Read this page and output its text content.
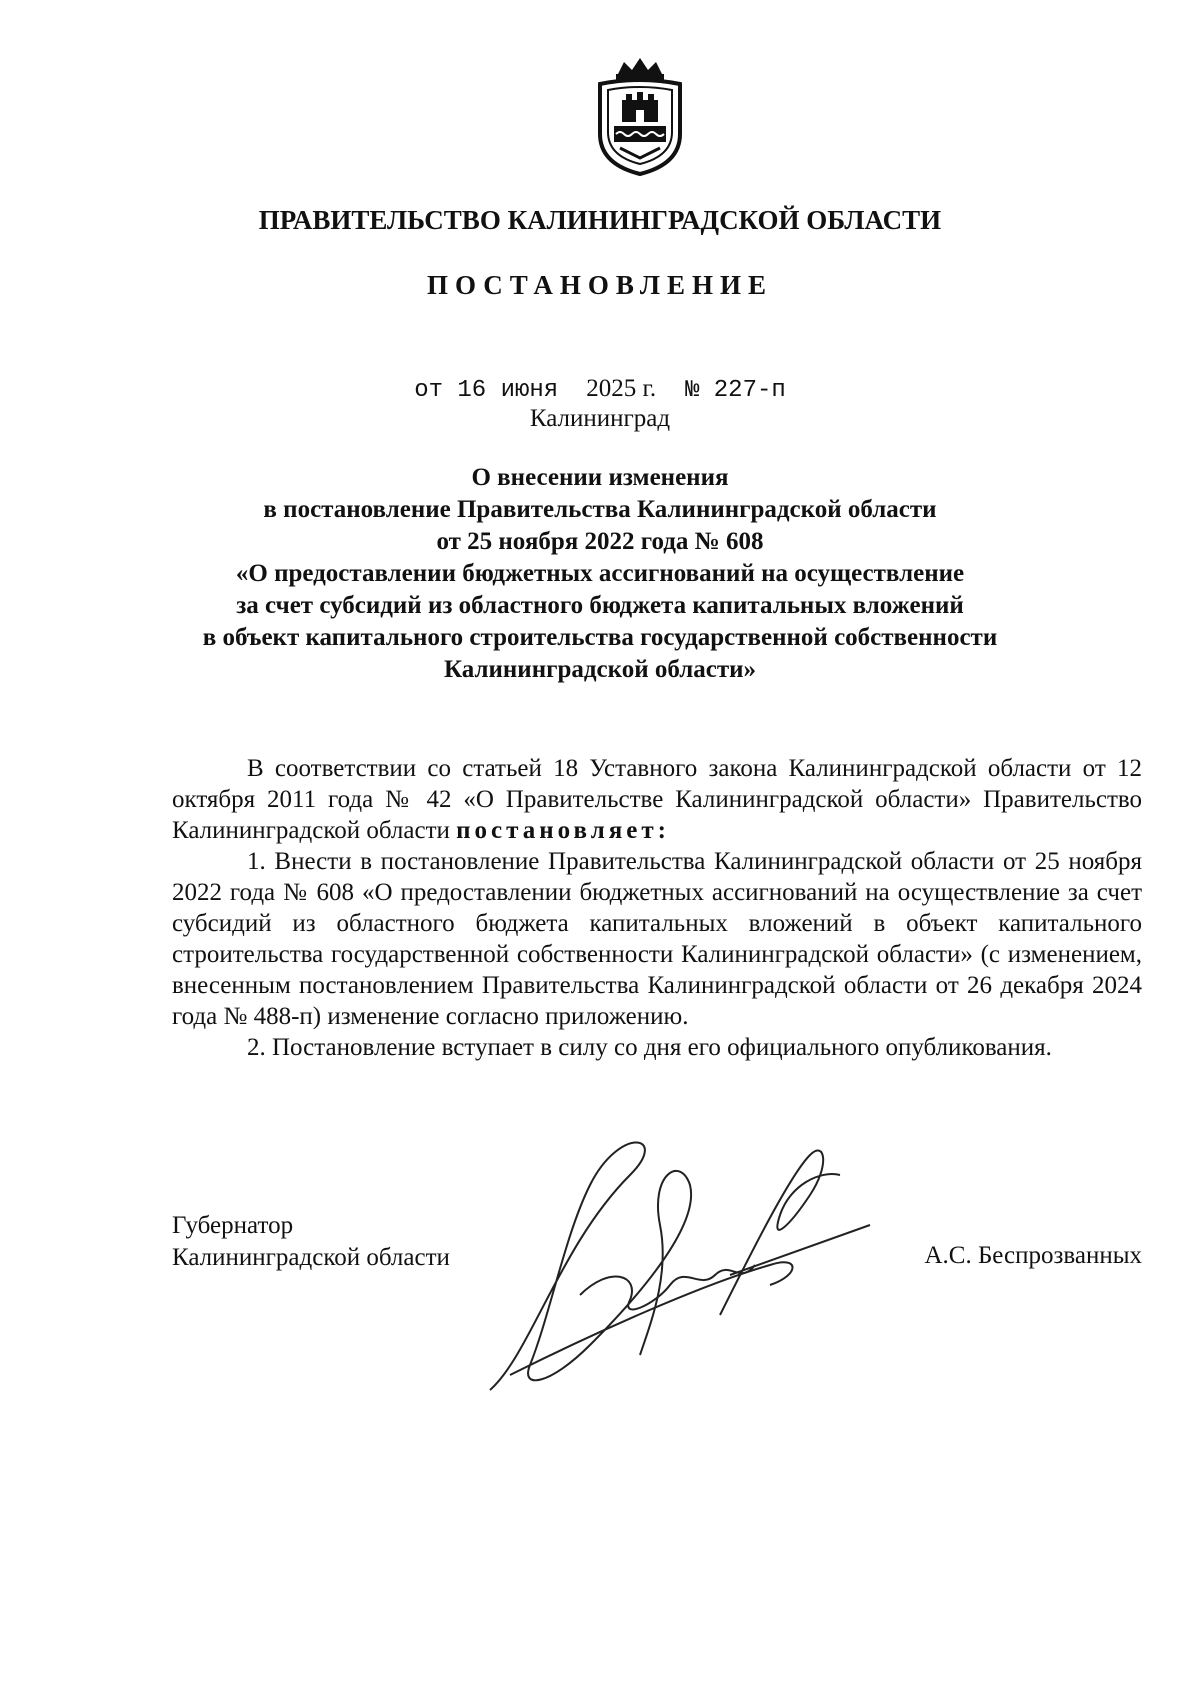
ПРАВИТЕЛЬСТВО КАЛИНИНГРАДСКОЙ ОБЛАСТИ
ПОСТАНОВЛЕНИЕ
от 16 июня 2025 г. № 227-п
Калининград
О внесении изменения
в постановление Правительства Калининградской области
от 25 ноября 2022 года № 608
«О предоставлении бюджетных ассигнований на осуществление
за счет субсидий из областного бюджета капитальных вложений
в объект капитального строительства государственной собственности
Калининградской области»

В соответствии со статьей 18 Уставного закона Калининградской области от 12 октября 2011 года № 42 «О Правительстве Калининградской области» Правительство Калининградской области постановляет:

1. Внести в постановление Правительства Калининградской области от 25 ноября 2022 года № 608 «О предоставлении бюджетных ассигнований на осуществление за счет субсидий из областного бюджета капитальных вложений в объект капитального строительства государственной собственности Калининградской области» (с изменением, внесенным постановлением Правительства Калининградской области от 26 декабря 2024 года № 488-п) изменение согласно приложению.

2. Постановление вступает в силу со дня его официального опубликования.

Губернатор
Калининградской области	А.С. Беспрозванных
